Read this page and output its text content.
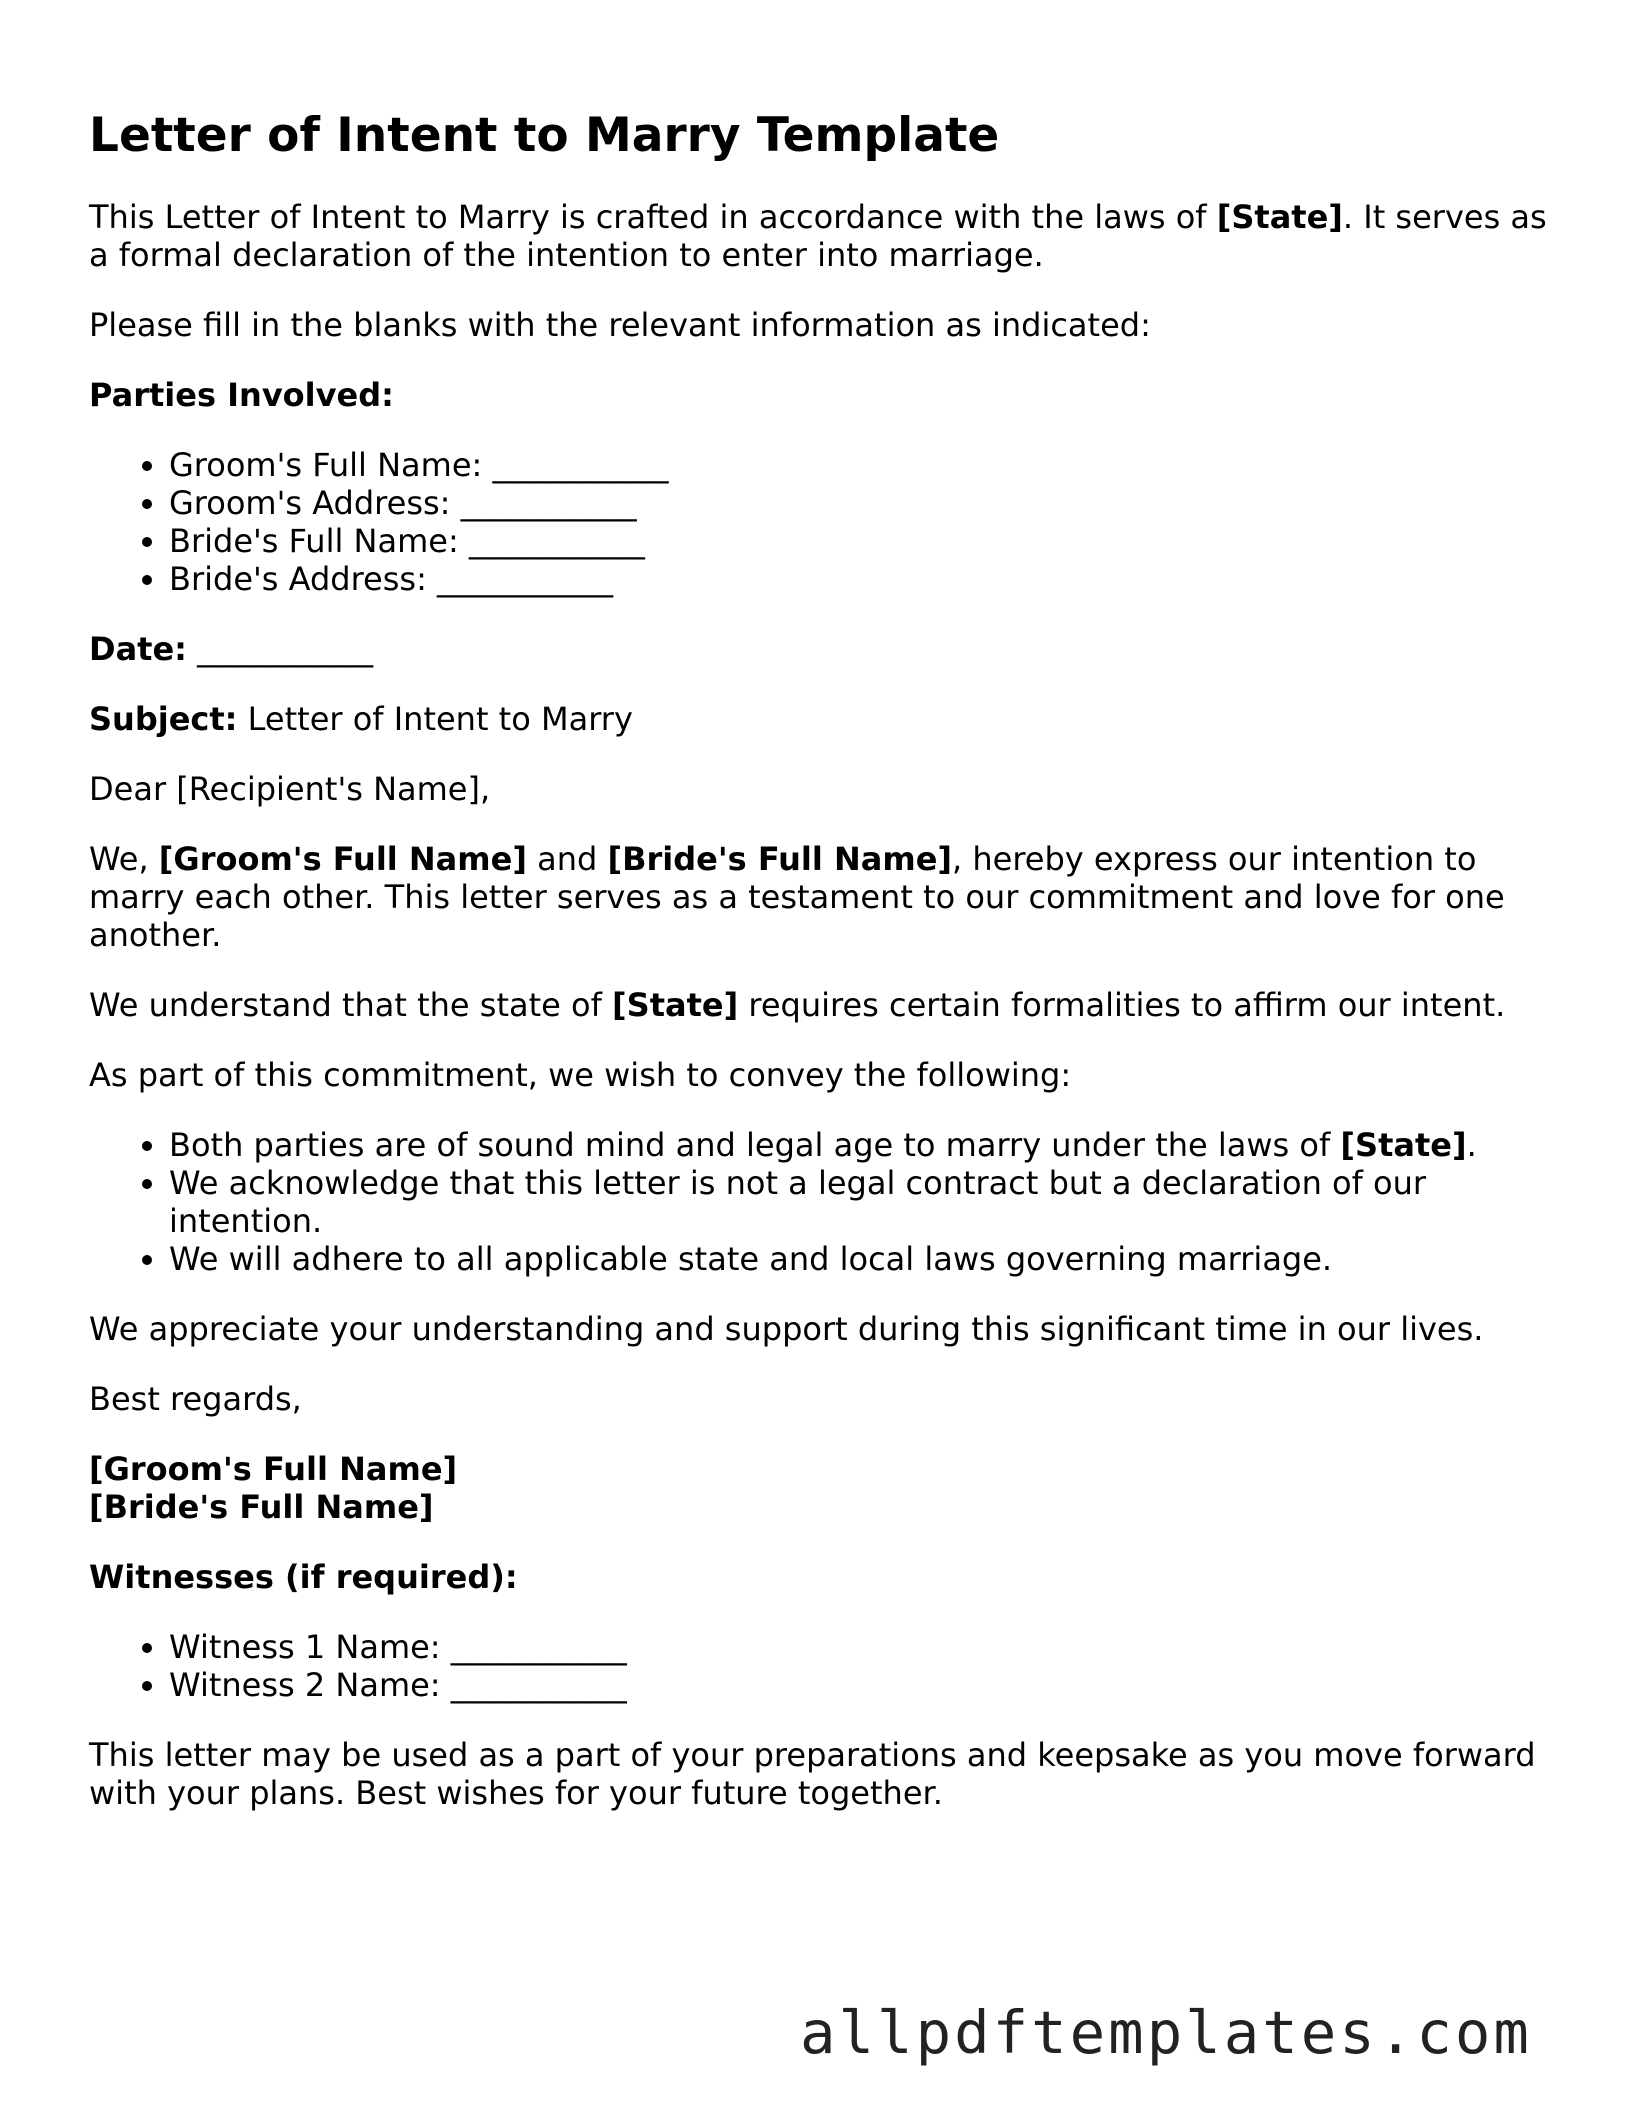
Letter of Intent to Marry Template

This Letter of Intent to Marry is crafted in accordance with the laws of [State]. It serves as a formal declaration of the intention to enter into marriage.

Please fill in the blanks with the relevant information as indicated:

Parties Involved:

• Groom's Full Name: ___________
• Groom's Address: ___________
• Bride's Full Name: ___________
• Bride's Address: ___________

Date: ___________

Subject: Letter of Intent to Marry

Dear [Recipient's Name],

We, [Groom's Full Name] and [Bride's Full Name], hereby express our intention to marry each other. This letter serves as a testament to our commitment and love for one another.

We understand that the state of [State] requires certain formalities to affirm our intent.

As part of this commitment, we wish to convey the following:

• Both parties are of sound mind and legal age to marry under the laws of [State].
• We acknowledge that this letter is not a legal contract but a declaration of our intention.
• We will adhere to all applicable state and local laws governing marriage.

We appreciate your understanding and support during this significant time in our lives.

Best regards,

[Groom's Full Name]
[Bride's Full Name]

Witnesses (if required):

• Witness 1 Name: ___________
• Witness 2 Name: ___________

This letter may be used as a part of your preparations and keepsake as you move forward with your plans. Best wishes for your future together.

allpdftemplates.com
